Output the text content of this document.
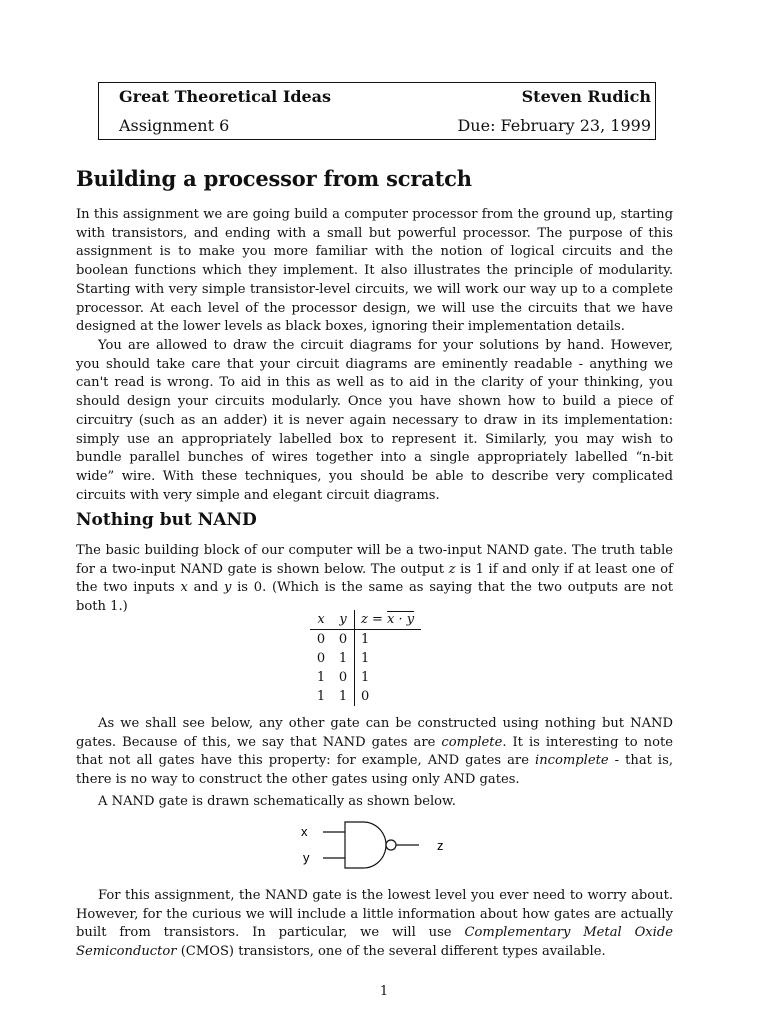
Great Theoretical Ideas	Steven Rudich
Assignment 6	Due: February 23, 1999
Building a processor from scratch

In this assignment we are going build a computer processor from the ground up, starting with transistors, and ending with a small but powerful processor. The purpose of this assignment is to make you more familiar with the notion of logical circuits and the boolean functions which they implement. It also illustrates the principle of modularity. Starting with very simple transistor-level circuits, we will work our way up to a complete processor. At each level of the processor design, we will use the circuits that we have designed at the lower levels as black boxes, ignoring their implementation details.

You are allowed to draw the circuit diagrams for your solutions by hand. However, you should take care that your circuit diagrams are eminently readable - anything we can't read is wrong. To aid in this as well as to aid in the clarity of your thinking, you should design your circuits modularly. Once you have shown how to build a piece of circuitry (such as an adder) it is never again necessary to draw in its implementation: simply use an appropriately labelled box to represent it. Similarly, you may wish to bundle parallel bunches of wires together into a single appropriately labelled “n-bit wide” wire. With these techniques, you should be able to describe very complicated circuits with very simple and elegant circuit diagrams.

Nothing but NAND

The basic building block of our computer will be a two-input NAND gate. The truth table for a two-input NAND gate is shown below. The output z is 1 if and only if at least one of the two inputs x and y is 0. (Which is the same as saying that the two outputs are not both 1.)

x	y	z = x · y
0	0	1
0	1	1
1	0	1
1	1	0

As we shall see below, any other gate can be constructed using nothing but NAND gates. Because of this, we say that NAND gates are complete. It is interesting to note that not all gates have this property: for example, AND gates are incomplete - that is, there is no way to construct the other gates using only AND gates.

A NAND gate is drawn schematically as shown below.

x
y
z

For this assignment, the NAND gate is the lowest level you ever need to worry about. However, for the curious we will include a little information about how gates are actually built from transistors. In particular, we will use Complementary Metal Oxide Semiconductor (CMOS) transistors, one of the several different types available.

1
